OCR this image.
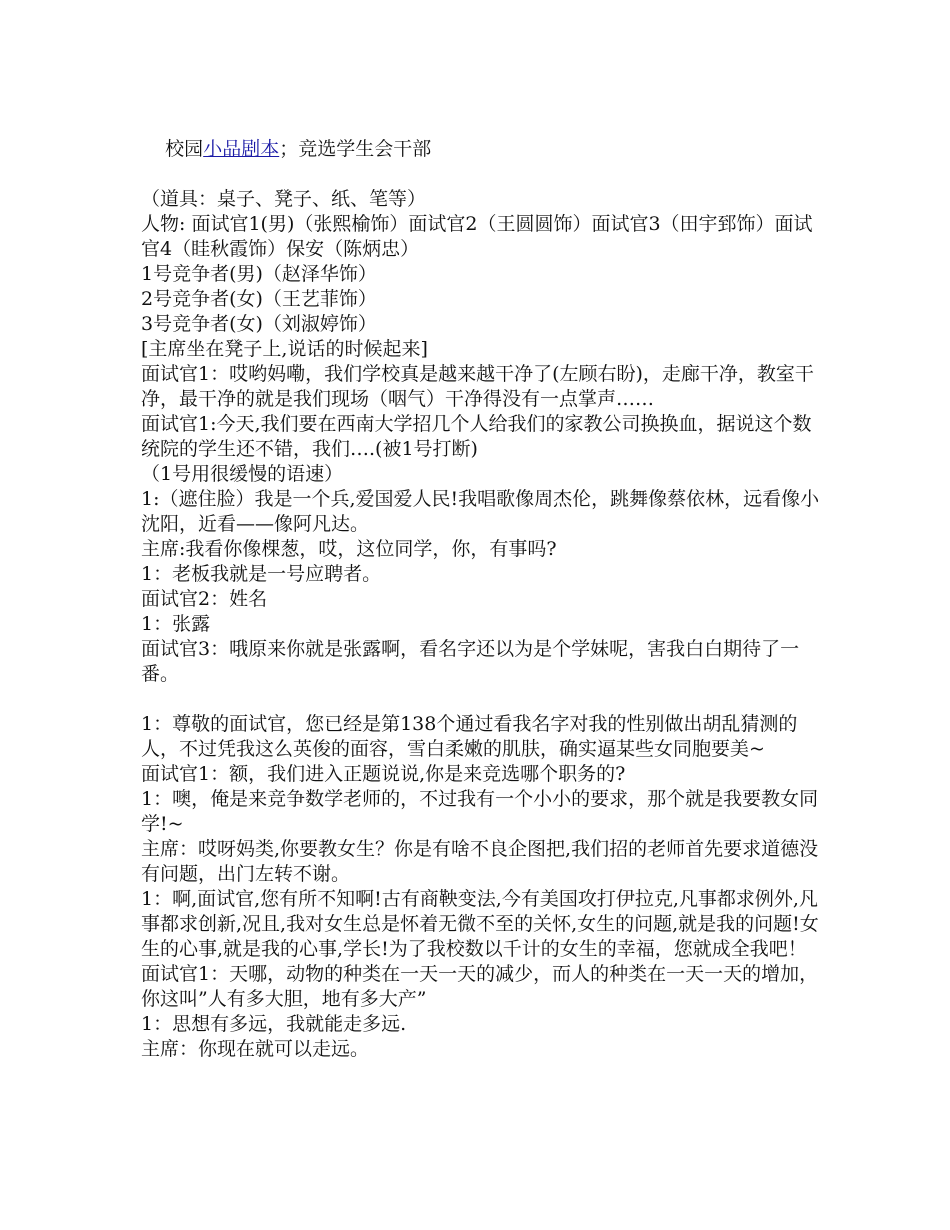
校园小品剧本；竞选学生会干部

（道具：桌子、凳子、纸、笔等）
人物: 面试官1(男)（张熙榆饰）面试官2（王圆圆饰）面试官3（田宇郅饰）面试官4（眭秋霞饰）保安（陈炳忠）
1号竞争者(男)（赵泽华饰）
2号竞争者(女)（王艺菲饰）
3号竞争者(女)（刘淑婷饰）
[主席坐在凳子上,说话的时候起来]
面试官1：哎哟妈嘞，我们学校真是越来越干净了(左顾右盼)，走廊干净，教室干净，最干净的就是我们现场（咽气）干净得没有一点掌声……
面试官1:今天,我们要在西南大学招几个人给我们的家教公司换换血，据说这个数统院的学生还不错，我们….(被1号打断)
（1号用很缓慢的语速）
1:（遮住脸）我是一个兵,爱国爱人民!我唱歌像周杰伦，跳舞像蔡依林，远看像小沈阳，近看——像阿凡达。
主席:我看你像棵葱，哎，这位同学，你，有事吗?
1：老板我就是一号应聘者。
面试官2：姓名
1：张露
面试官3：哦原来你就是张露啊，看名字还以为是个学妹呢，害我白白期待了一番。
1：尊敬的面试官，您已经是第138个通过看我名字对我的性别做出胡乱猜测的人，不过凭我这么英俊的面容，雪白柔嫩的肌肤，确实逼某些女同胞要美~
面试官1：额，我们进入正题说说,你是来竞选哪个职务的?
1：噢，俺是来竞争数学老师的，不过我有一个小小的要求，那个就是我要教女同学!~
主席：哎呀妈类,你要教女生？你是有啥不良企图把,我们招的老师首先要求道德没有问题，出门左转不谢。
1：啊,面试官,您有所不知啊!古有商鞅变法,今有美国攻打伊拉克,凡事都求例外,凡事都求创新,况且,我对女生总是怀着无微不至的关怀,女生的问题,就是我的问题!女生的心事,就是我的心事,学长!为了我校数以千计的女生的幸福，您就成全我吧！
面试官1：天哪，动物的种类在一天一天的减少，而人的种类在一天一天的增加，你这叫”人有多大胆，地有多大产”
1：思想有多远，我就能走多远.
主席：你现在就可以走远。
